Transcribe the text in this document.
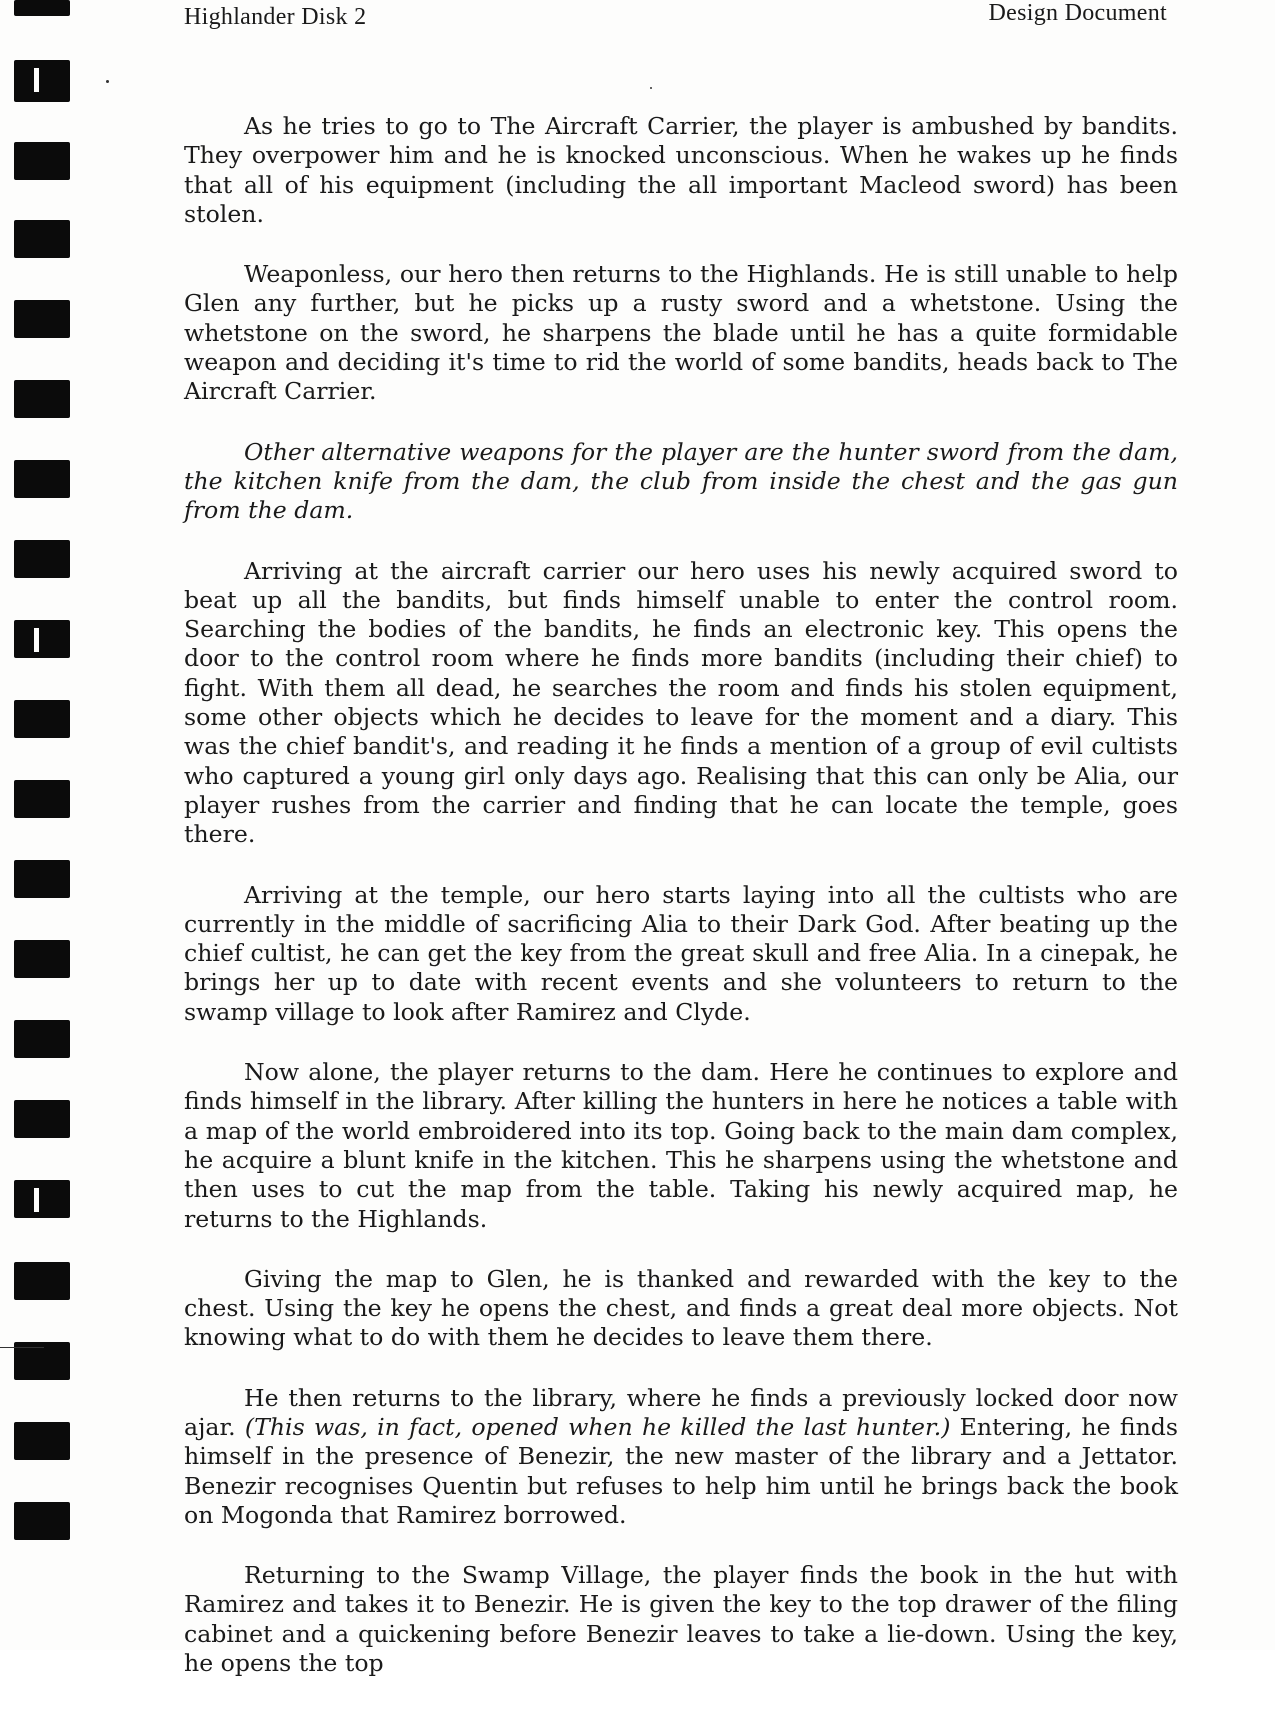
Highlander Disk 2	Design Document

As he tries to go to The Aircraft Carrier, the player is ambushed by bandits. They overpower him and he is knocked unconscious. When he wakes up he finds that all of his equipment (including the all important Macleod sword) has been stolen.

Weaponless, our hero then returns to the Highlands. He is still unable to help Glen any further, but he picks up a rusty sword and a whetstone. Using the whetstone on the sword, he sharpens the blade until he has a quite formidable weapon and deciding it's time to rid the world of some bandits, heads back to The Aircraft Carrier.

Other alternative weapons for the player are the hunter sword from the dam, the kitchen knife from the dam, the club from inside the chest and the gas gun from the dam.

Arriving at the aircraft carrier our hero uses his newly acquired sword to beat up all the bandits, but finds himself unable to enter the control room. Searching the bodies of the bandits, he finds an electronic key. This opens the door to the control room where he finds more bandits (including their chief) to fight. With them all dead, he searches the room and finds his stolen equipment, some other objects which he decides to leave for the moment and a diary. This was the chief bandit's, and reading it he finds a mention of a group of evil cultists who captured a young girl only days ago. Realising that this can only be Alia, our player rushes from the carrier and finding that he can locate the temple, goes there.

Arriving at the temple, our hero starts laying into all the cultists who are currently in the middle of sacrificing Alia to their Dark God. After beating up the chief cultist, he can get the key from the great skull and free Alia. In a cinepak, he brings her up to date with recent events and she volunteers to return to the swamp village to look after Ramirez and Clyde.

Now alone, the player returns to the dam. Here he continues to explore and finds himself in the library. After killing the hunters in here he notices a table with a map of the world embroidered into its top. Going back to the main dam complex, he acquire a blunt knife in the kitchen. This he sharpens using the whetstone and then uses to cut the map from the table. Taking his newly acquired map, he returns to the Highlands.

Giving the map to Glen, he is thanked and rewarded with the key to the chest. Using the key he opens the chest, and finds a great deal more objects. Not knowing what to do with them he decides to leave them there.

He then returns to the library, where he finds a previously locked door now ajar. (This was, in fact, opened when he killed the last hunter.) Entering, he finds himself in the presence of Benezir, the new master of the library and a Jettator. Benezir recognises Quentin but refuses to help him until he brings back the book on Mogonda that Ramirez borrowed.

Returning to the Swamp Village, the player finds the book in the hut with Ramirez and takes it to Benezir. He is given the key to the top drawer of the filing cabinet and a quickening before Benezir leaves to take a lie-down. Using the key, he opens the top
